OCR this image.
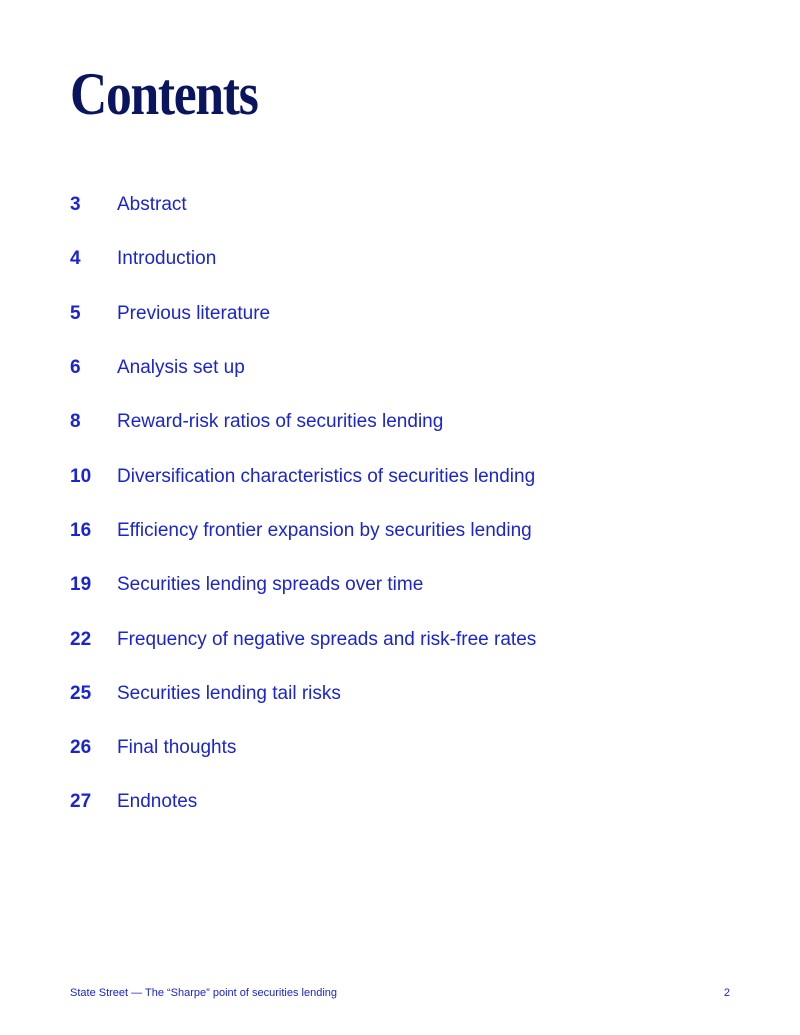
Contents
3	Abstract
4	Introduction
5	Previous literature
6	Analysis set up
8	Reward-risk ratios of securities lending
10	Diversification characteristics of securities lending
16	Efficiency frontier expansion by securities lending
19	Securities lending spreads over time
22	Frequency of negative spreads and risk-free rates
25	Securities lending tail risks
26	Final thoughts
27	Endnotes
State Street — The “Sharpe” point of securities lending	2
